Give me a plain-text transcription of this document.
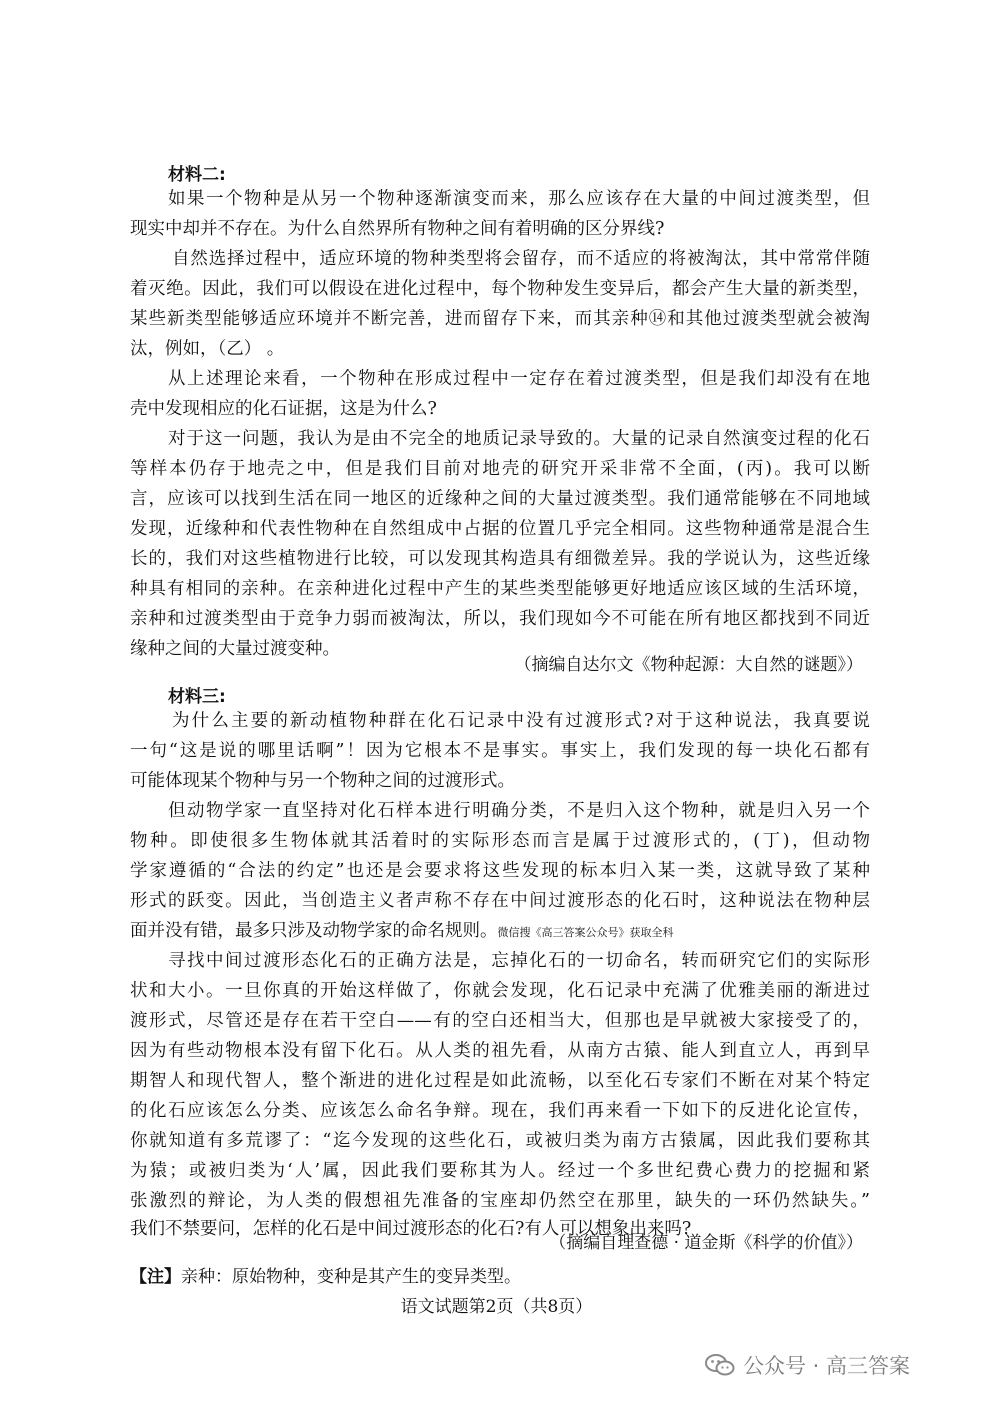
材料二:
如果一个物种是从另一个物种逐渐演变而来，那么应该存在大量的中间过渡类型，但
现实中却并不存在。为什么自然界所有物种之间有着明确的区分界线?
自然选择过程中，适应环境的物种类型将会留存，而不适应的将被淘汰，其中常常伴随
着灭绝。因此，我们可以假设在进化过程中，每个物种发生变异后，都会产生大量的新类型，
某些新类型能够适应环境并不断完善，进而留存下来，而其亲种⑭和其他过渡类型就会被淘
汰，例如，（乙） 。
从上述理论来看，一个物种在形成过程中一定存在着过渡类型，但是我们却没有在地
壳中发现相应的化石证据，这是为什么?
对于这一问题，我认为是由不完全的地质记录导致的。大量的记录自然演变过程的化石
等样本仍存于地壳之中，但是我们目前对地壳的研究开采非常不全面，(丙)。我可以断
言，应该可以找到生活在同一地区的近缘种之间的大量过渡类型。我们通常能够在不同地域
发现，近缘种和代表性物种在自然组成中占据的位置几乎完全相同。这些物种通常是混合生
长的，我们对这些植物进行比较，可以发现其构造具有细微差异。我的学说认为，这些近缘
种具有相同的亲种。在亲种进化过程中产生的某些类型能够更好地适应该区域的生活环境，
亲种和过渡类型由于竞争力弱而被淘汰，所以，我们现如今不可能在所有地区都找到不同近
缘种之间的大量过渡变种。
（摘编自达尔文《物种起源：大自然的谜题》）
材料三:
为什么主要的新动植物种群在化石记录中没有过渡形式?对于这种说法，我真要说
一句“这是说的哪里话啊”！因为它根本不是事实。事实上，我们发现的每一块化石都有
可能体现某个物种与另一个物种之间的过渡形式。
但动物学家一直坚持对化石样本进行明确分类，不是归入这个物种，就是归入另一个
物种。即使很多生物体就其活着时的实际形态而言是属于过渡形式的，(丁)，但动物
学家遵循的“合法的约定”也还是会要求将这些发现的标本归入某一类，这就导致了某种
形式的跃变。因此，当创造主义者声称不存在中间过渡形态的化石时，这种说法在物种层
面并没有错，最多只涉及动物学家的命名规则。微信搜《高三答案公众号》获取全科
寻找中间过渡形态化石的正确方法是，忘掉化石的一切命名，转而研究它们的实际形
状和大小。一旦你真的开始这样做了，你就会发现，化石记录中充满了优雅美丽的渐进过
渡形式，尽管还是存在若干空白——有的空白还相当大，但那也是早就被大家接受了的，
因为有些动物根本没有留下化石。从人类的祖先看，从南方古猿、能人到直立人，再到早
期智人和现代智人，整个渐进的进化过程是如此流畅，以至化石专家们不断在对某个特定
的化石应该怎么分类、应该怎么命名争辩。现在，我们再来看一下如下的反进化论宣传，
你就知道有多荒谬了：“迄今发现的这些化石，或被归类为南方古猿属，因此我们要称其
为猿；或被归类为‘人’属，因此我们要称其为人。经过一个多世纪费心费力的挖掘和紧
张激烈的辩论，为人类的假想祖先准备的宝座却仍然空在那里，缺失的一环仍然缺失。”
我们不禁要问，怎样的化石是中间过渡形态的化石?有人可以想象出来吗?
（摘编自理查德 · 道金斯《科学的价值》）
【注】亲种：原始物种，变种是其产生的变异类型。
语文试题第2页（共8页）
公众号 · 高三答案
